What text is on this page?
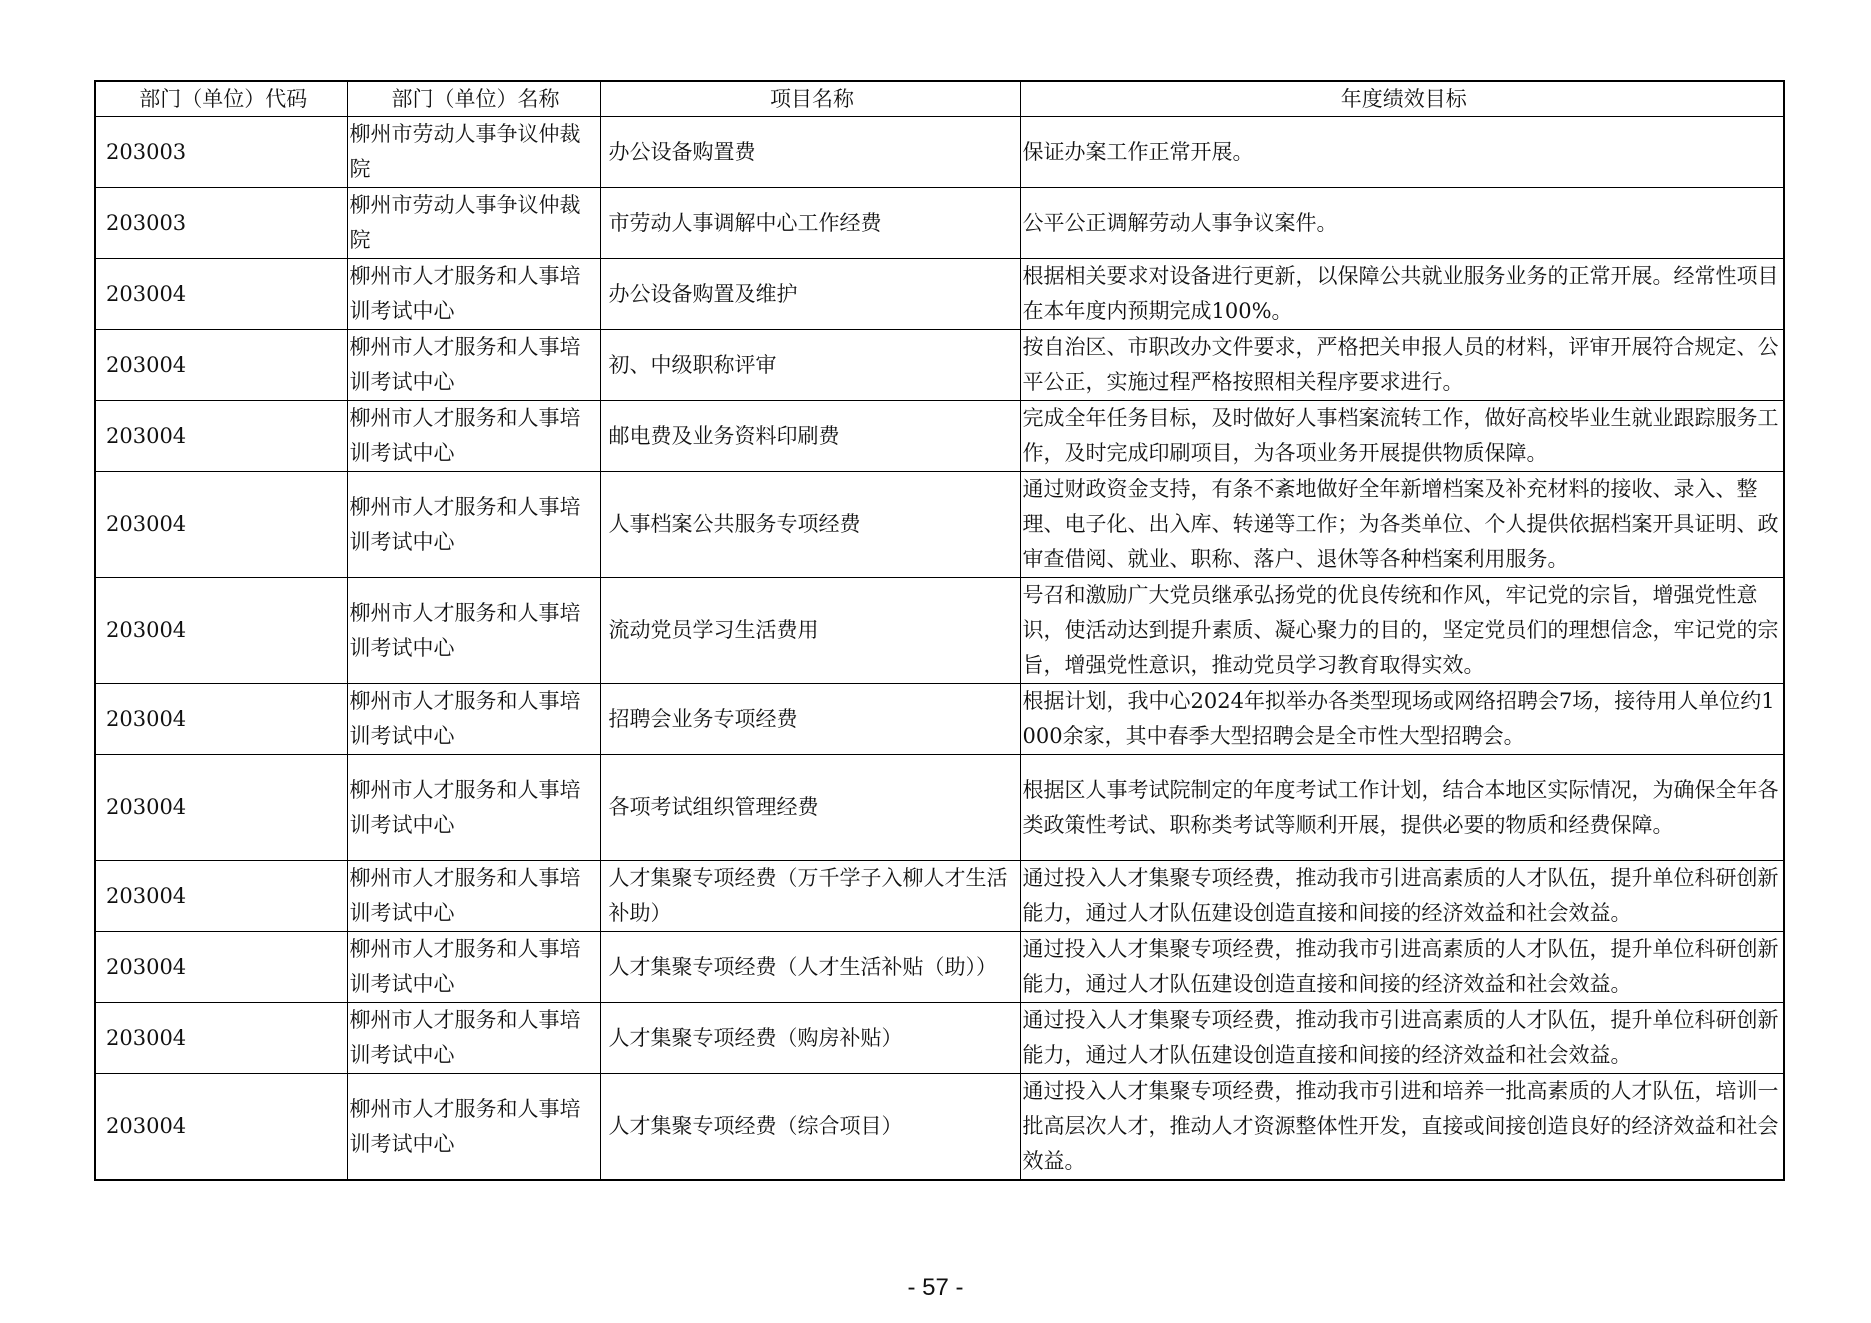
部门（单位）代码	部门（单位）名称	项目名称	年度绩效目标
203003	柳州市劳动人事争议仲裁院	办公设备购置费	保证办案工作正常开展。
203003	柳州市劳动人事争议仲裁院	市劳动人事调解中心工作经费	公平公正调解劳动人事争议案件。
203004	柳州市人才服务和人事培训考试中心	办公设备购置及维护	根据相关要求对设备进行更新，以保障公共就业服务业务的正常开展。经常性项目在本年度内预期完成100%。
203004	柳州市人才服务和人事培训考试中心	初、中级职称评审	按自治区、市职改办文件要求，严格把关申报人员的材料，评审开展符合规定、公平公正，实施过程严格按照相关程序要求进行。
203004	柳州市人才服务和人事培训考试中心	邮电费及业务资料印刷费	完成全年任务目标，及时做好人事档案流转工作，做好高校毕业生就业跟踪服务工作，及时完成印刷项目，为各项业务开展提供物质保障。
203004	柳州市人才服务和人事培训考试中心	人事档案公共服务专项经费	通过财政资金支持，有条不紊地做好全年新增档案及补充材料的接收、录入、整理、电子化、出入库、转递等工作；为各类单位、个人提供依据档案开具证明、政审查借阅、就业、职称、落户、退休等各种档案利用服务。
203004	柳州市人才服务和人事培训考试中心	流动党员学习生活费用	号召和激励广大党员继承弘扬党的优良传统和作风，牢记党的宗旨，增强党性意识，使活动达到提升素质、凝心聚力的目的，坚定党员们的理想信念，牢记党的宗旨，增强党性意识，推动党员学习教育取得实效。
203004	柳州市人才服务和人事培训考试中心	招聘会业务专项经费	根据计划，我中心2024年拟举办各类型现场或网络招聘会7场，接待用人单位约1000余家，其中春季大型招聘会是全市性大型招聘会。
203004	柳州市人才服务和人事培训考试中心	各项考试组织管理经费	根据区人事考试院制定的年度考试工作计划，结合本地区实际情况，为确保全年各类政策性考试、职称类考试等顺利开展，提供必要的物质和经费保障。
203004	柳州市人才服务和人事培训考试中心	人才集聚专项经费（万千学子入柳人才生活补助）	通过投入人才集聚专项经费，推动我市引进高素质的人才队伍，提升单位科研创新能力，通过人才队伍建设创造直接和间接的经济效益和社会效益。
203004	柳州市人才服务和人事培训考试中心	人才集聚专项经费（人才生活补贴（助））	通过投入人才集聚专项经费，推动我市引进高素质的人才队伍，提升单位科研创新能力，通过人才队伍建设创造直接和间接的经济效益和社会效益。
203004	柳州市人才服务和人事培训考试中心	人才集聚专项经费（购房补贴）	通过投入人才集聚专项经费，推动我市引进高素质的人才队伍，提升单位科研创新能力，通过人才队伍建设创造直接和间接的经济效益和社会效益。
203004	柳州市人才服务和人事培训考试中心	人才集聚专项经费（综合项目）	通过投入人才集聚专项经费，推动我市引进和培养一批高素质的人才队伍，培训一批高层次人才，推动人才资源整体性开发，直接或间接创造良好的经济效益和社会效益。
- 57 -
